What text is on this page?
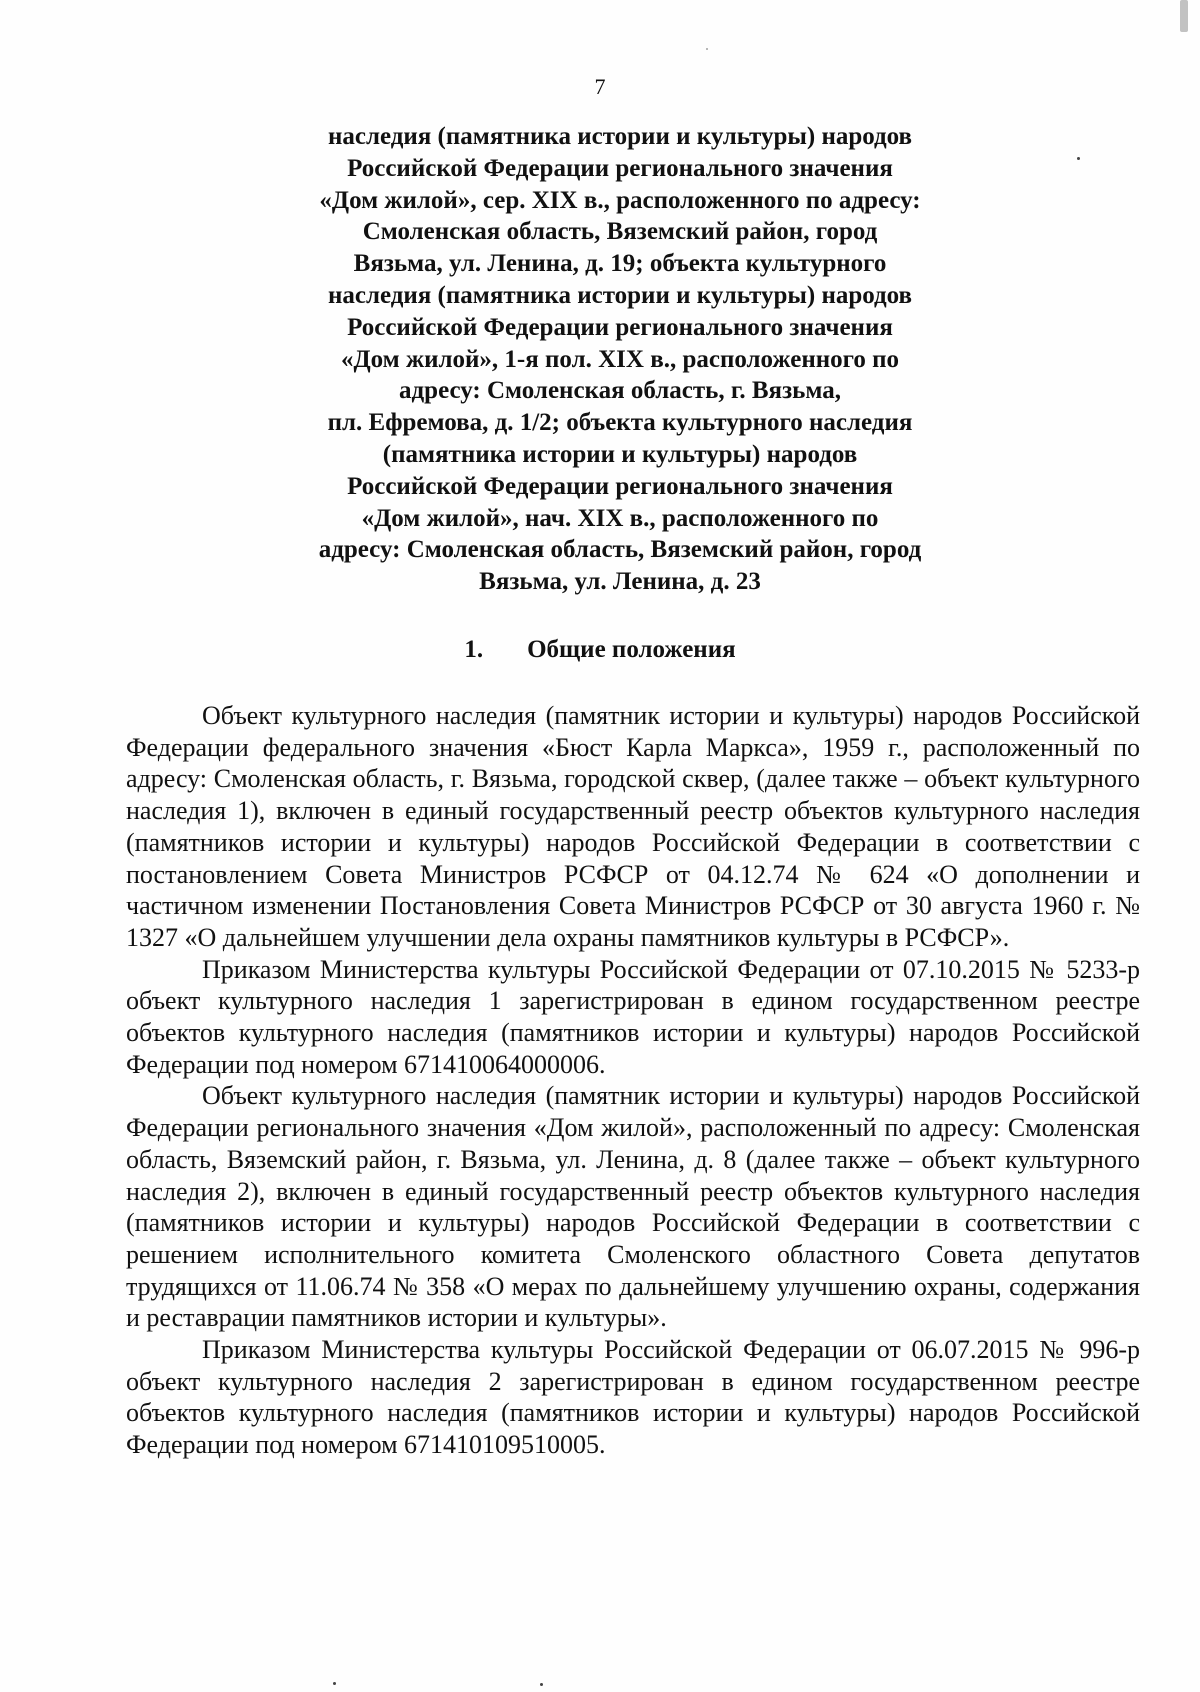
7
наследия (памятника истории и культуры) народов
Российской Федерации регионального значения
«Дом жилой», сер. XIX в., расположенного по адресу:
Смоленская область, Вяземский район, город
Вязьма, ул. Ленина, д. 19; объекта культурного
наследия (памятника истории и культуры) народов
Российской Федерации регионального значения
«Дом жилой», 1-я пол. XIX в., расположенного по
адресу: Смоленская область, г. Вязьма,
пл. Ефремова, д. 1/2; объекта культурного наследия
(памятника истории и культуры) народов
Российской Федерации регионального значения
«Дом жилой», нач. XIX в., расположенного по
адресу: Смоленская область, Вяземский район, город
Вязьма, ул. Ленина, д. 23
1. Общие положения

Объект культурного наследия (памятник истории и культуры) народов Российской Федерации федерального значения «Бюст Карла Маркса», 1959 г., расположенный по адресу: Смоленская область, г. Вязьма, городской сквер, (далее также – объект культурного наследия 1), включен в единый государственный реестр объектов культурного наследия (памятников истории и культуры) народов Российской Федерации в соответствии с постановлением Совета Министров РСФСР от 04.12.74 № 624 «О дополнении и частичном изменении Постановления Совета Министров РСФСР от 30 августа 1960 г. № 1327 «О дальнейшем улучшении дела охраны памятников культуры в РСФСР».

Приказом Министерства культуры Российской Федерации от 07.10.2015 № 5233-р объект культурного наследия 1 зарегистрирован в едином государственном реестре объектов культурного наследия (памятников истории и культуры) народов Российской Федерации под номером 671410064000006.

Объект культурного наследия (памятник истории и культуры) народов Российской Федерации регионального значения «Дом жилой», расположенный по адресу: Смоленская область, Вяземский район, г. Вязьма, ул. Ленина, д. 8 (далее также – объект культурного наследия 2), включен в единый государственный реестр объектов культурного наследия (памятников истории и культуры) народов Российской Федерации в соответствии с решением исполнительного комитета Смоленского областного Совета депутатов трудящихся от 11.06.74 № 358 «О мерах по дальнейшему улучшению охраны, содержания и реставрации памятников истории и культуры».

Приказом Министерства культуры Российской Федерации от 06.07.2015 № 996-р объект культурного наследия 2 зарегистрирован в едином государственном реестре объектов культурного наследия (памятников истории и культуры) народов Российской Федерации под номером 671410109510005.
